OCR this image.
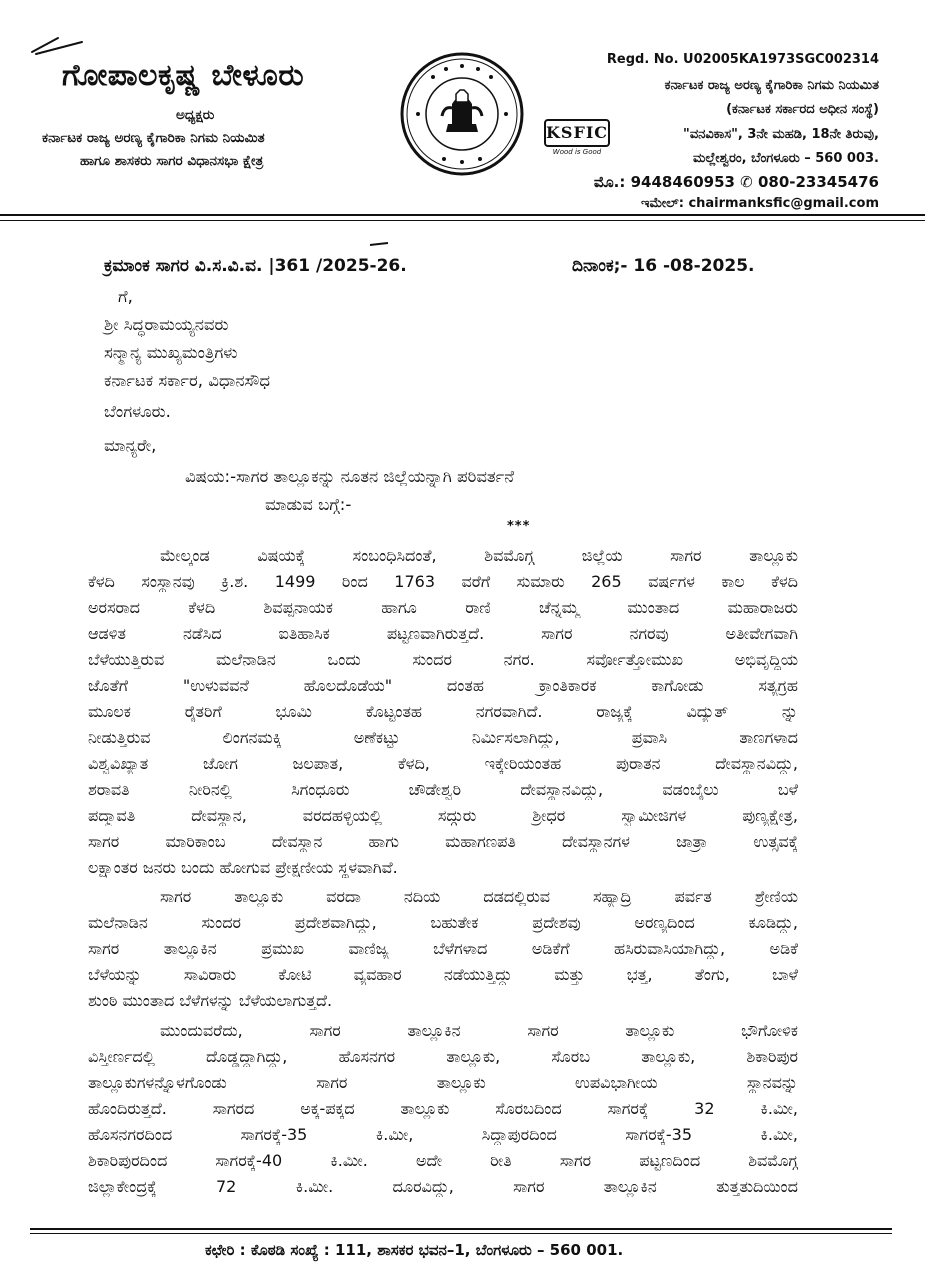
ಗೋಪಾಲಕೃಷ್ಣ ಬೇಳೂರು
ಅಧ್ಯಕ್ಷರು
ಕರ್ನಾಟಕ ರಾಜ್ಯ ಅರಣ್ಯ ಕೈಗಾರಿಕಾ ನಿಗಮ ನಿಯಮಿತ
ಹಾಗೂ ಶಾಸಕರು ಸಾಗರ ವಿಧಾನಸಭಾ ಕ್ಷೇತ್ರ
Regd. No. U02005KA1973SGC002314
ಕರ್ನಾಟಕ ರಾಜ್ಯ ಅರಣ್ಯ ಕೈಗಾರಿಕಾ ನಿಗಮ ನಿಯಮಿತ
(ಕರ್ನಾಟಕ ಸರ್ಕಾರದ ಅಧೀನ ಸಂಸ್ಥೆ)
"ವನವಿಕಾಸ", 3ನೇ ಮಹಡಿ, 18ನೇ ತಿರುವು,
ಮಲ್ಲೇಶ್ವರಂ, ಬೆಂಗಳೂರು – 560 003.
ಮೊ.: 9448460953 ✆ 080-23345476
ಇಮೇಲ್: chairmanksfic@gmail.com
KSFIC
Wood is Good
ಕ್ರಮಾಂಕ ಸಾಗರ ವಿ.ಸ.ವಿ.ವ. |361 /2025-26.	ದಿನಾಂಕ;- 16 -08-2025.
ಗೆ,
ಶ್ರೀ ಸಿದ್ಧರಾಮಯ್ಯನವರು
ಸನ್ಮಾನ್ಯ ಮುಖ್ಯಮಂತ್ರಿಗಳು
ಕರ್ನಾಟಕ ಸರ್ಕಾರ, ವಿಧಾನಸೌಧ
ಬೆಂಗಳೂರು.
ಮಾನ್ಯರೇ,
ವಿಷಯ:-ಸಾಗರ ತಾಲ್ಲೂಕನ್ನು ನೂತನ ಜಿಲ್ಲೆಯನ್ನಾಗಿ ಪರಿವರ್ತನೆ
ಮಾಡುವ ಬಗ್ಗೆ:-
***
ಮೇಲ್ಕಂಡ ವಿಷಯಕ್ಕೆ ಸಂಬಂಧಿಸಿದಂತೆ, ಶಿವಮೊಗ್ಗ ಜಿಲ್ಲೆಯ ಸಾಗರ ತಾಲ್ಲೂಕು
ಕೆಳದಿ ಸಂಸ್ಥಾನವು ಕ್ರಿ.ಶ. 1499 ರಿಂದ 1763 ವರೆಗೆ ಸುಮಾರು 265 ವರ್ಷಗಳ ಕಾಲ ಕೆಳದಿ
ಅರಸರಾದ ಕೆಳದಿ ಶಿವಪ್ಪನಾಯಕ ಹಾಗೂ ರಾಣಿ ಚೆನ್ನಮ್ಮ ಮುಂತಾದ ಮಹಾರಾಜರು
ಆಡಳಿತ ನಡೆಸಿದ ಐತಿಹಾಸಿಕ ಪಟ್ಟಣವಾಗಿರುತ್ತದೆ. ಸಾಗರ ನಗರವು ಅತೀವೇಗವಾಗಿ
ಬೆಳೆಯುತ್ತಿರುವ ಮಲೆನಾಡಿನ ಒಂದು ಸುಂದರ ನಗರ. ಸರ್ವೋತ್ತೋಮುಖ ಅಭಿವೃದ್ಧಿಯ
ಜೊತೆಗೆ "ಉಳುವವನೆ ಹೊಲದೊಡೆಯ" ದಂತಹ ಕ್ರಾಂತಿಕಾರಕ ಕಾಗೋಡು ಸತ್ಯಗ್ರಹ
ಮೂಲಕ ರೈತರಿಗೆ ಭೂಮಿ ಕೊಟ್ಟಂತಹ ನಗರವಾಗಿದೆ. ರಾಜ್ಯಕ್ಕೆ ವಿದ್ಯುತ್ ನ್ನು
ನೀಡುತ್ತಿರುವ ಲಿಂಗನಮಕ್ಕಿ ಅಣೆಕಟ್ಟು ನಿರ್ಮಿಸಲಾಗಿದ್ದು, ಪ್ರವಾಸಿ ತಾಣಗಳಾದ
ವಿಶ್ವವಿಖ್ಯಾತ ಜೋಗ ಜಲಪಾತ, ಕೆಳದಿ, ಇಕ್ಕೇರಿಯಂತಹ ಪುರಾತನ ದೇವಸ್ಥಾನವಿದ್ದು,
ಶರಾವತಿ ನೀರಿನಲ್ಲಿ ಸಿಗಂಧೂರು ಚೌಡೇಶ್ವರಿ ದೇವಸ್ಥಾನವಿದ್ದು, ವಡಂಬೈಲು ಬಳೆ
ಪದ್ಮಾವತಿ ದೇವಸ್ಥಾನ, ವರದಹಳ್ಳಿಯಲ್ಲಿ ಸದ್ಗುರು ಶ್ರೀಧರ ಸ್ವಾಮೀಜಿಗಳ ಪುಣ್ಯಕ್ಷೇತ್ರ,
ಸಾಗರ ಮಾರಿಕಾಂಬ ದೇವಸ್ಥಾನ ಹಾಗು ಮಹಾಗಣಪತಿ ದೇವಸ್ಥಾನಗಳ ಜಾತ್ರಾ ಉತ್ಸವಕ್ಕೆ
ಲಕ್ಷಾಂತರ ಜನರು ಬಂದು ಹೋಗುವ ಪ್ರೇಕ್ಷಣೀಯ ಸ್ಥಳವಾಗಿವೆ.
ಸಾಗರ ತಾಲ್ಲೂಕು ವರದಾ ನದಿಯ ದಡದಲ್ಲಿರುವ ಸಹ್ಯಾದ್ರಿ ಪರ್ವತ ಶ್ರೇಣಿಯ
ಮಲೆನಾಡಿನ ಸುಂದರ ಪ್ರದೇಶವಾಗಿದ್ದು, ಬಹುತೇಕ ಪ್ರದೇಶವು ಅರಣ್ಯದಿಂದ ಕೂಡಿದ್ದು,
ಸಾಗರ ತಾಲ್ಲೂಕಿನ ಪ್ರಮುಖ ವಾಣಿಜ್ಯ ಬೆಳೆಗಳಾದ ಅಡಿಕೆಗೆ ಹಸಿರುವಾಸಿಯಾಗಿದ್ದು, ಅಡಿಕೆ
ಬೆಳೆಯನ್ನು ಸಾವಿರಾರು ಕೋಟಿ ವ್ಯವಹಾರ ನಡೆಯುತ್ತಿದ್ದು ಮತ್ತು ಭತ್ತ, ತೆಂಗು, ಬಾಳೆ
ಶುಂಠಿ ಮುಂತಾದ ಬೆಳೆಗಳನ್ನು ಬೆಳೆಯಲಾಗುತ್ತದೆ.
ಮುಂದುವರೆದು, ಸಾಗರ ತಾಲ್ಲೂಕಿನ ಸಾಗರ ತಾಲ್ಲೂಕು ಭೌಗೋಳಿಕ
ವಿಸ್ತೀರ್ಣದಲ್ಲಿ ದೊಡ್ಡದ್ದಾಗಿದ್ದು, ಹೊಸನಗರ ತಾಲ್ಲೂಕು, ಸೊರಬ ತಾಲ್ಲೂಕು, ಶಿಕಾರಿಪುರ
ತಾಲ್ಲೂಕುಗಳನ್ನೊಳಗೊಂಡು ಸಾಗರ ತಾಲ್ಲೂಕು ಉಪವಿಭಾಗೀಯ ಸ್ಥಾನವನ್ನು
ಹೊಂದಿರುತ್ತದೆ. ಸಾಗರದ ಅಕ್ಕ-ಪಕ್ಕದ ತಾಲ್ಲೂಕು ಸೊರಬದಿಂದ ಸಾಗರಕ್ಕೆ 32 ಕಿ.ಮೀ,
ಹೊಸನಗರದಿಂದ ಸಾಗರಕ್ಕೆ-35 ಕಿ.ಮೀ, ಸಿದ್ದಾಪುರದಿಂದ ಸಾಗರಕ್ಕೆ-35 ಕಿ.ಮೀ,
ಶಿಕಾರಿಪುರದಿಂದ ಸಾಗರಕ್ಕೆ-40 ಕಿ.ಮೀ. ಅದೇ ರೀತಿ ಸಾಗರ ಪಟ್ಟಣದಿಂದ ಶಿವಮೊಗ್ಗ
ಜಿಲ್ಲಾಕೇಂದ್ರಕ್ಕೆ 72 ಕಿ.ಮೀ. ದೂರವಿದ್ದು, ಸಾಗರ ತಾಲ್ಲೂಕಿನ ತುತ್ತತುದಿಯಿಂದ
ಕಛೇರಿ : ಕೊಠಡಿ ಸಂಖ್ಯೆ : 111, ಶಾಸಕರ ಭವನ–1, ಬೆಂಗಳೂರು – 560 001.
